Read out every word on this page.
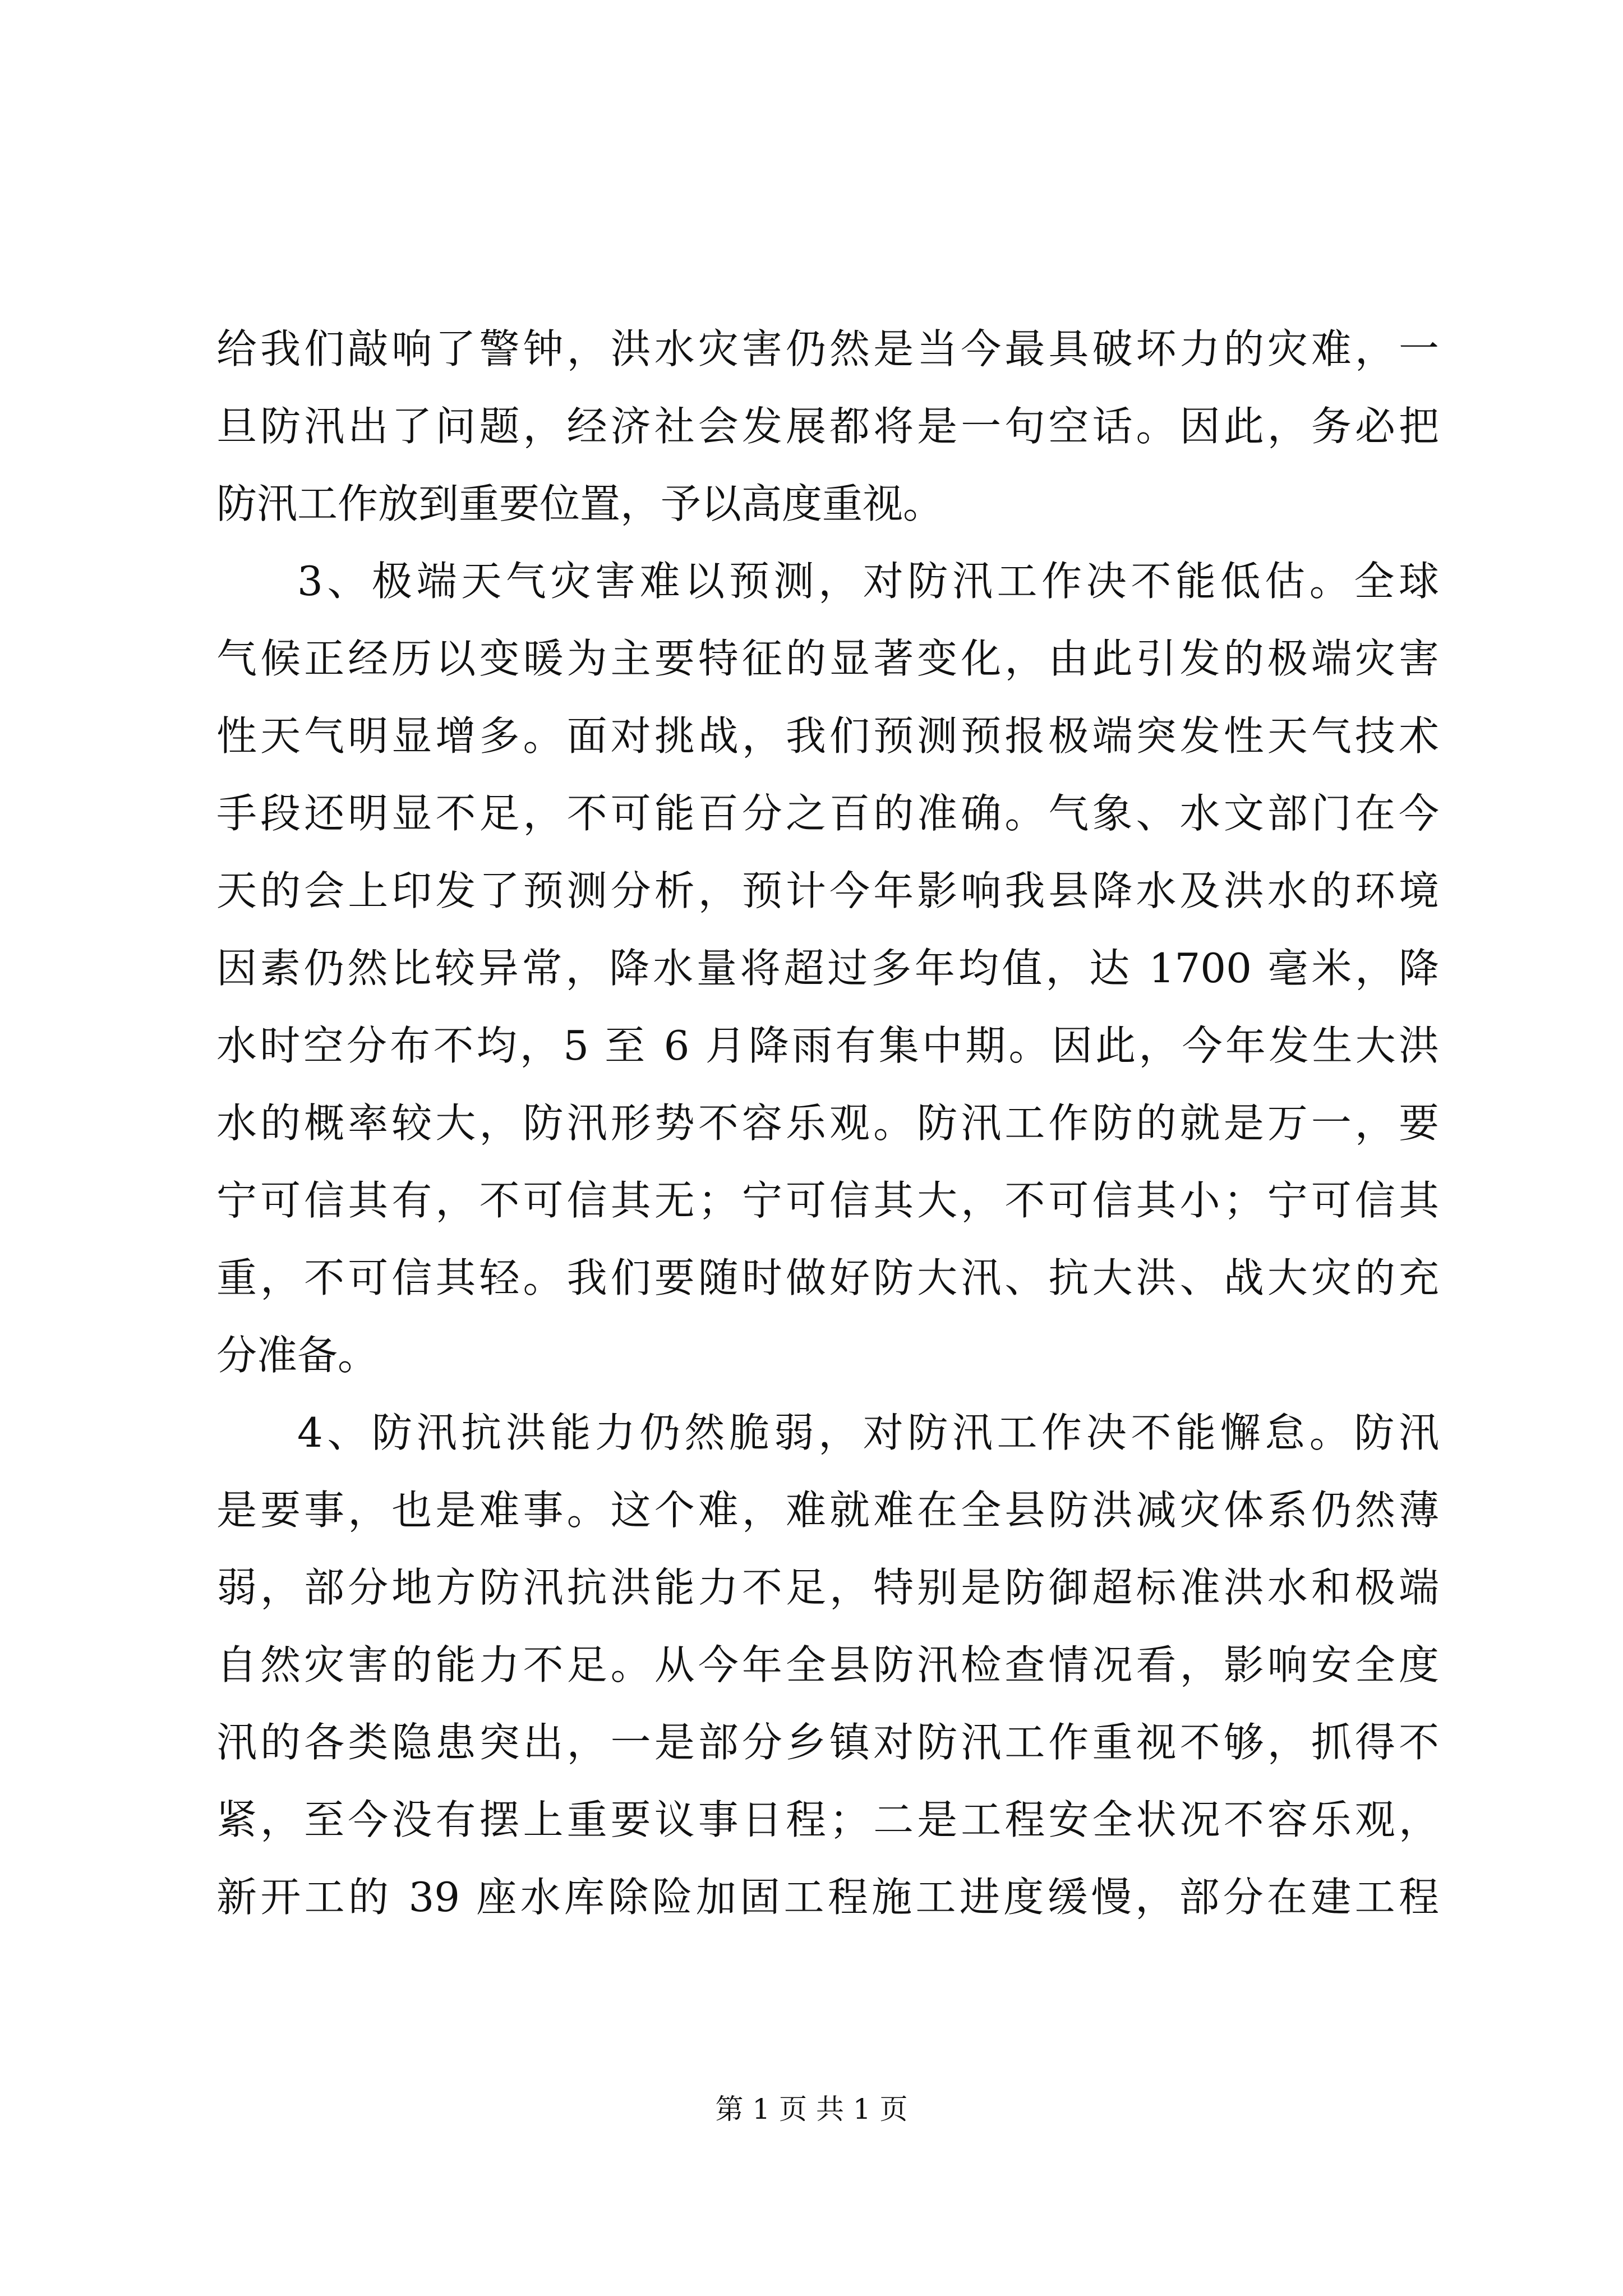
给我们敲响了警钟，洪水灾害仍然是当今最具破坏力的灾难，一
旦防汛出了问题，经济社会发展都将是一句空话。因此，务必把
防汛工作放到重要位置，予以高度重视。
3、极端天气灾害难以预测，对防汛工作决不能低估。全球
气候正经历以变暖为主要特征的显著变化，由此引发的极端灾害
性天气明显增多。面对挑战，我们预测预报极端突发性天气技术
手段还明显不足，不可能百分之百的准确。气象、水文部门在今
天的会上印发了预测分析，预计今年影响我县降水及洪水的环境
因素仍然比较异常，降水量将超过多年均值，达 1700 毫米，降
水时空分布不均，5 至 6 月降雨有集中期。因此，今年发生大洪
水的概率较大，防汛形势不容乐观。防汛工作防的就是万一，要
宁可信其有，不可信其无；宁可信其大，不可信其小；宁可信其
重，不可信其轻。我们要随时做好防大汛、抗大洪、战大灾的充
分准备。
4、防汛抗洪能力仍然脆弱，对防汛工作决不能懈怠。防汛
是要事，也是难事。这个难，难就难在全县防洪减灾体系仍然薄
弱，部分地方防汛抗洪能力不足，特别是防御超标准洪水和极端
自然灾害的能力不足。从今年全县防汛检查情况看，影响安全度
汛的各类隐患突出，一是部分乡镇对防汛工作重视不够，抓得不
紧，至今没有摆上重要议事日程；二是工程安全状况不容乐观，
新开工的 39 座水库除险加固工程施工进度缓慢，部分在建工程
第 1 页 共 1 页
